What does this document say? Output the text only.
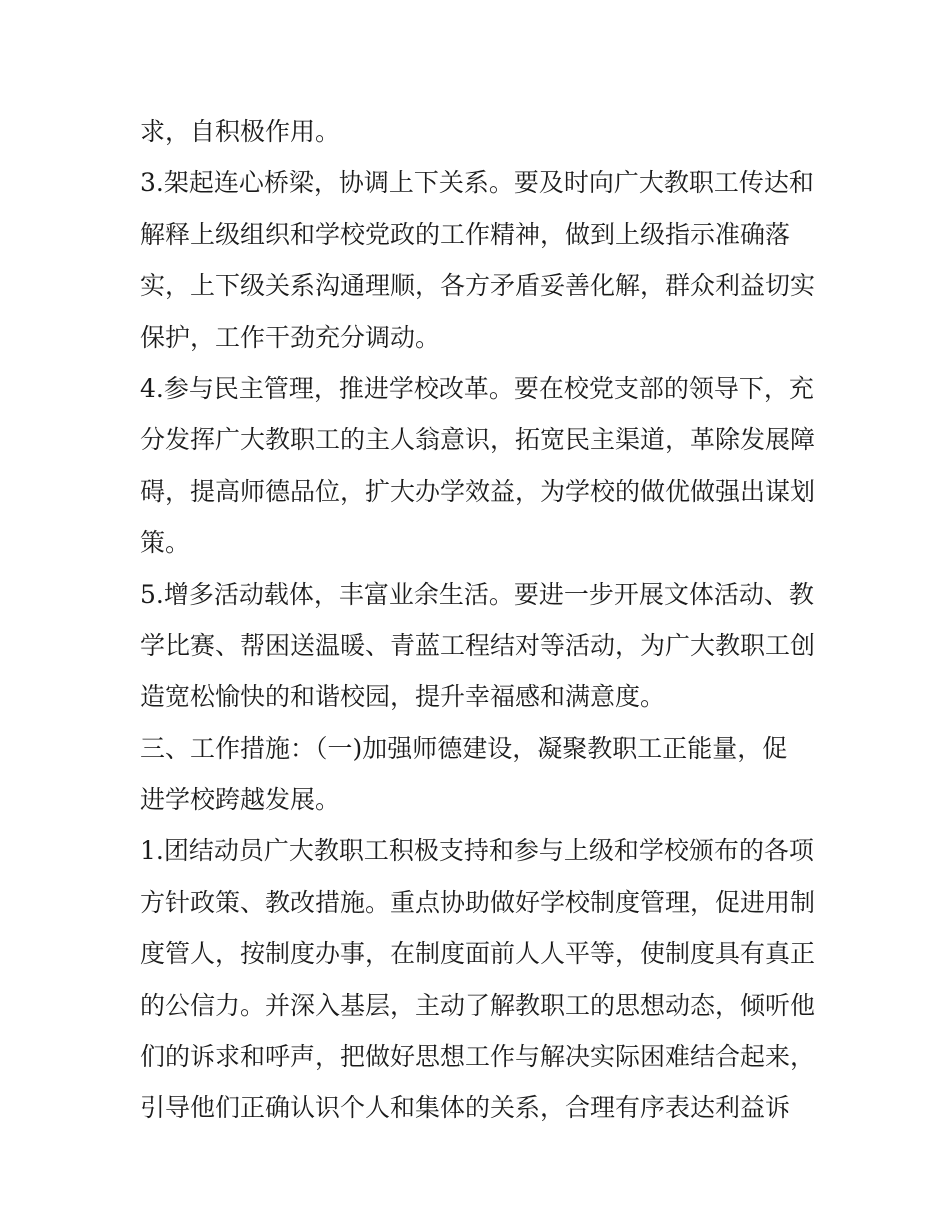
求，自积极作用。
3.架起连心桥梁，协调上下关系。要及时向广大教职工传达和
解释上级组织和学校党政的工作精神，做到上级指示准确落
实，上下级关系沟通理顺，各方矛盾妥善化解，群众利益切实
保护，工作干劲充分调动。
4.参与民主管理，推进学校改革。要在校党支部的领导下，充
分发挥广大教职工的主人翁意识，拓宽民主渠道，革除发展障
碍，提高师德品位，扩大办学效益，为学校的做优做强出谋划
策。
5.增多活动载体，丰富业余生活。要进一步开展文体活动、教
学比赛、帮困送温暖、青蓝工程结对等活动，为广大教职工创
造宽松愉快的和谐校园，提升幸福感和满意度。
三、工作措施：（一)加强师德建设，凝聚教职工正能量，促
进学校跨越发展。
1.团结动员广大教职工积极支持和参与上级和学校颁布的各项
方针政策、教改措施。重点协助做好学校制度管理，促进用制
度管人，按制度办事，在制度面前人人平等，使制度具有真正
的公信力。并深入基层，主动了解教职工的思想动态，倾听他
们的诉求和呼声，把做好思想工作与解决实际困难结合起来，
引导他们正确认识个人和集体的关系，合理有序表达利益诉
